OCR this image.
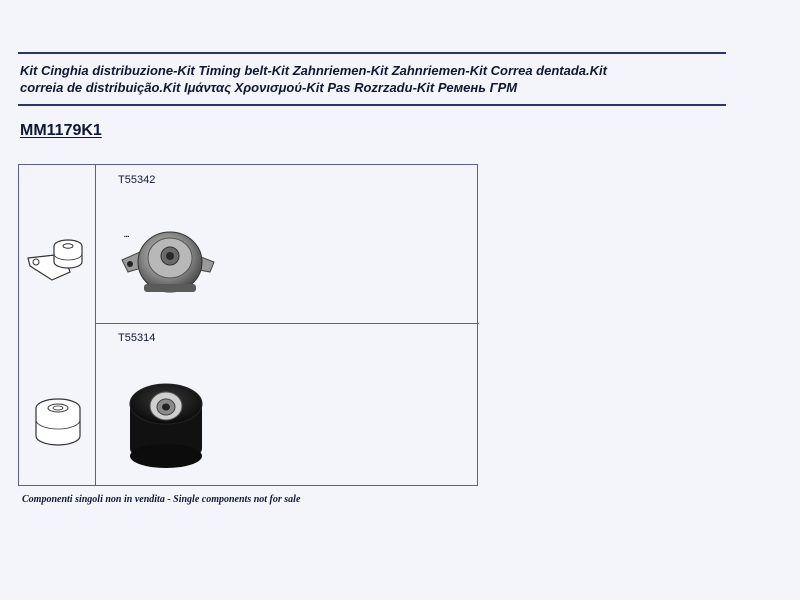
Kit Cinghia distribuzione-Kit Timing belt-Kit Zahnriemen-Kit Zahnriemen-Kit Correa dentada.Kit
correia de distribuição.Kit Ιμάντας Χρονισμού-Kit Pas Rozrzadu-Kit Ремень ГРМ
MM1179K1
T55342
▪▪▪
T55314
Componenti singoli non in vendita - Single components not for sale
